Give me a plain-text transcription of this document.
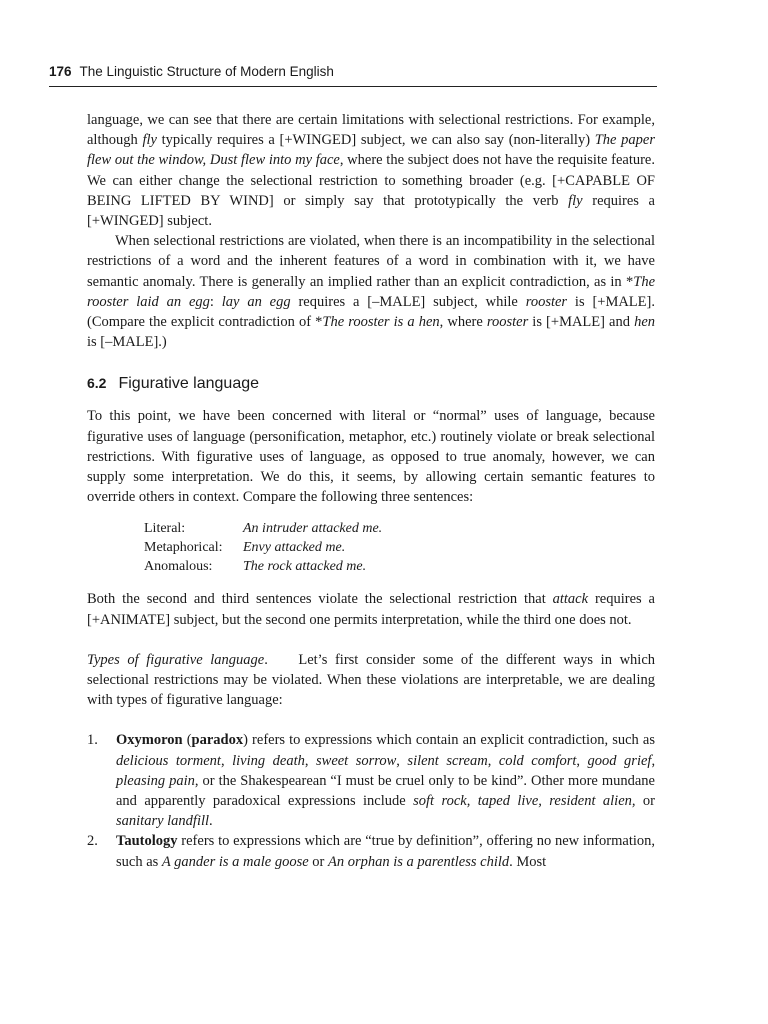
176 The Linguistic Structure of Modern English

language, we can see that there are certain limitations with selectional restrictions. For example, although fly typically requires a [+WINGED] subject, we can also say (non-literally) The paper flew out the window, Dust flew into my face, where the subject does not have the requisite feature. We can either change the selectional restriction to something broader (e.g. [+CAPABLE OF BEING LIFTED BY WIND] or simply say that prototypically the verb fly requires a [+WINGED] subject.

When selectional restrictions are violated, when there is an incompatibility in the selectional restrictions of a word and the inherent features of a word in combination with it, we have semantic anomaly. There is generally an implied rather than an explicit contradiction, as in *The rooster laid an egg: lay an egg requires a [–MALE] subject, while rooster is [+MALE]. (Compare the explicit contradiction of *The rooster is a hen, where rooster is [+MALE] and hen is [–MALE].)

6.2 Figurative language

To this point, we have been concerned with literal or “normal” uses of language, because figurative uses of language (personification, metaphor, etc.) routinely violate or break selectional restrictions. With figurative uses of language, as opposed to true anomaly, however, we can supply some interpretation. We do this, it seems, by allowing certain semantic features to override others in context. Compare the following three sentences:

Literal:	An intruder attacked me.
Metaphorical:	Envy attacked me.
Anomalous:	The rock attacked me.

Both the second and third sentences violate the selectional restriction that attack requires a [+ANIMATE] subject, but the second one permits interpretation, while the third one does not.

Types of figurative language.    Let’s first consider some of the different ways in which selectional restrictions may be violated. When these violations are interpretable, we are dealing with types of figurative language:

1. Oxymoron (paradox) refers to expressions which contain an explicit contradiction, such as delicious torment, living death, sweet sorrow, silent scream, cold comfort, good grief, pleasing pain, or the Shakespearean “I must be cruel only to be kind”. Other more mundane and apparently paradoxical expressions include soft rock, taped live, resident alien, or sanitary landfill.

2. Tautology refers to expressions which are “true by definition”, offering no new information, such as A gander is a male goose or An orphan is a parentless child. Most
